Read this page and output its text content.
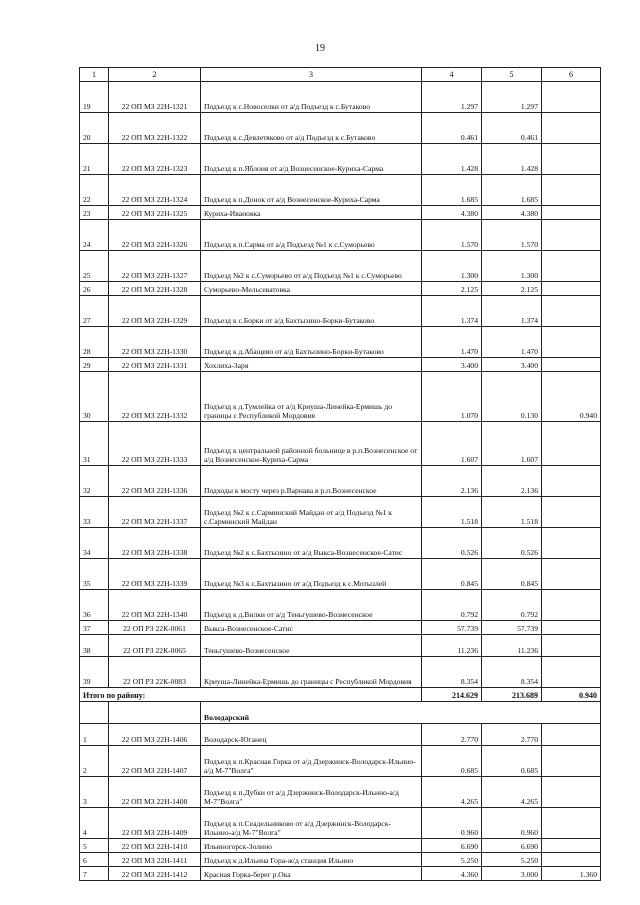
19
1	2	3	4	5	6
19	22 ОП МЗ 22Н-1321	Подъезд к с.Новоселки от а/д Подъезд к с.Бутаково	1.297	1.297	
20	22 ОП МЗ 22Н-1322	Подъезд к с.Девлетяково от а/д Подъезд к с.Бутаково	0.461	0.461	
21	22 ОП МЗ 22Н-1323	Подъезд к п.Яблоня от а/д Вознесенское-Куриха-Сарма	1.428	1.428	
22	22 ОП МЗ 22Н-1324	Подъезд к п.Донок от а/д Вознесенское-Куриха-Сарма	1.685	1.685	
23	22 ОП МЗ 22Н-1325	Куриха-Ивановка	4.380	4.380	
24	22 ОП МЗ 22Н-1326	Подъезд к п.Сарма от а/д Подъезд №1 к с.Суморьево	1.570	1.570	
25	22 ОП МЗ 22Н-1327	Подъезд №2 к с.Суморьево от а/д Подъезд №1 к с.Суморьево	1.300	1.300	
26	22 ОП МЗ 22Н-1328	Суморьево-Мельсеватовка	2.125	2.125	
27	22 ОП МЗ 22Н-1329	Подъезд к с.Борки от а/д Бахтызино-Борки-Бутаково	1.374	1.374	
28	22 ОП МЗ 22Н-1330	Подъезд к д.Абащево от а/д Бахтызино-Борки-Бутаково	1.470	1.470	
29	22 ОП МЗ 22Н-1331	Хохлиха-Заря	3.400	3.400	
30	22 ОП МЗ 22Н-1332	Подъезд к д.Тумлейка от а/д Криуша-Линейка-Ермишь до границы с Республикой Мордовия	1.070	0.130	0.940
31	22 ОП МЗ 22Н-1333	Подъезд к центральной районной больнице в р.п.Вознесенское от а/д Вознесенское-Куриха-Сарма	1.607	1.607	
32	22 ОП МЗ 22Н-1336	Подходы к мосту через р.Варнава в р.п.Вознесенское	2.136	2.136	
33	22 ОП МЗ 22Н-1337	Подъезд №2 к с.Сарминский Майдан от а/д Подъезд №1 к с.Сарминский Майдан	1.518	1.518	
34	22 ОП МЗ 22Н-1338	Подъезд №2 к с.Бахтызино от а/д Выкса-Вознесенское-Сатис	0.526	0.526	
35	22 ОП МЗ 22Н-1339	Подъезд №3 к с.Бахтызино от а/д Подъезд к с.Мотызлей	0.845	0.845	
36	22 ОП МЗ 22Н-1340	Подъезд к д.Вилки от а/д Теньгушево-Вознесенское	0.792	0.792	
37	22 ОП РЗ 22К-0061	Выкса-Вознесенское-Сатис	57.739	57.739	
38	22 ОП РЗ 22К-0065	Теньгушево-Вознесенское	11.236	11.236	
39	22 ОП РЗ 22К-0083	Криуша-Линейка-Ермишь до границы с Республикой Мордовия	8.354	8.354	
Итого по району:			214.629	213.689	0.940
		Володарский			
1	22 ОП МЗ 22Н-1406	Володарск-Юганец	2.770	2.770	
2	22 ОП МЗ 22Н-1407	Подъезд к п.Красная Горка от а/д Дзержинск-Володарск-Ильино-а/д М-7"Волга"	0.685	0.685	
3	22 ОП МЗ 22Н-1408	Подъезд к п.Дубки от а/д Дзержинск-Володарск-Ильино-а/д М-7"Волга"	4.265	4.265	
4	22 ОП МЗ 22Н-1409	Подъезд к п.Сеадельниково от а/д Дзержинск-Володарск-Ильино-а/д М-7"Волга"	0.960	0.960	
5	22 ОП МЗ 22Н-1410	Ильиногорск-Золино	6.690	6.690	
6	22 ОП МЗ 22Н-1411	Подъезд к д.Ильина Гора-ж/д станция Ильино	5.250	5.250	
7	22 ОП МЗ 22Н-1412	Красная Горка-берег р.Ока	4.360	3.000	1.360
